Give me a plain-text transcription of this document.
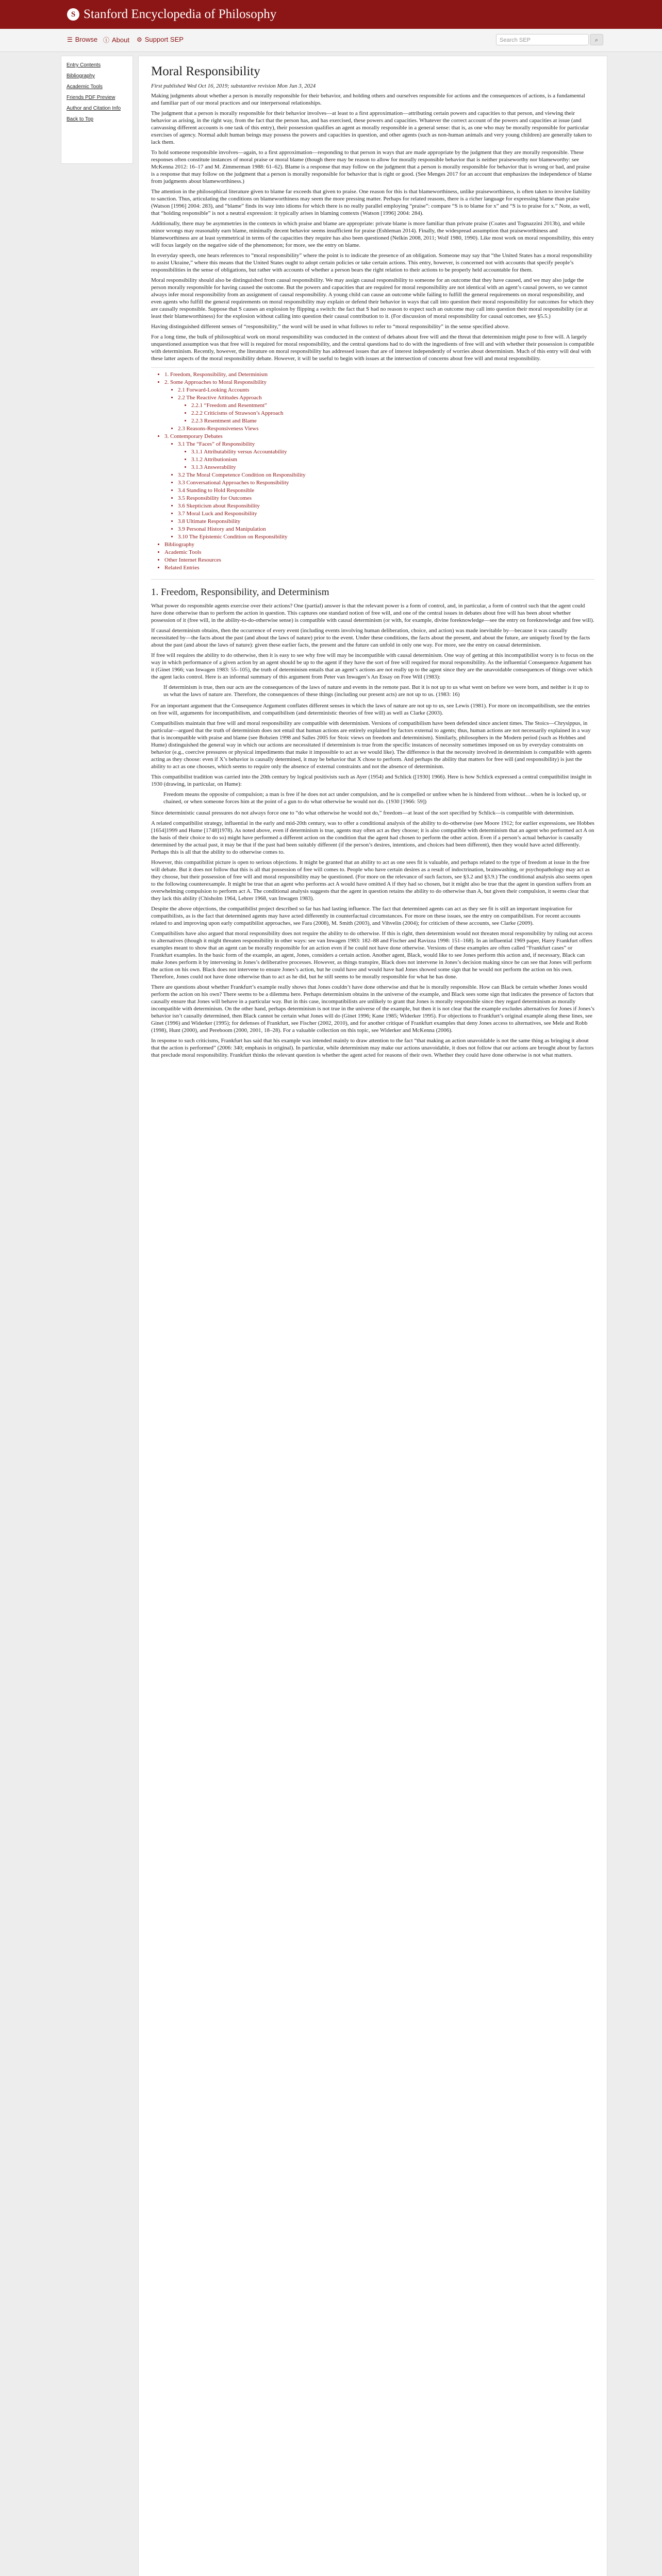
S Stanford Encyclopedia of Philosophy
☰ Browse ⓘ About ⚙ Support SEP	Search SEP	⌕
Entry Contents
Bibliography
Academic Tools
Friends PDF Preview
Author and Citation Info
Back to Top
Moral Responsibility
First published Wed Oct 16, 2019; substantive revision Mon Jun 3, 2024

Making judgments about whether a person is morally responsible for their behavior, and holding others and ourselves responsible for actions and the consequences of actions, is a fundamental and familiar part of our moral practices and our interpersonal relationships.

The judgment that a person is morally responsible for their behavior involves—at least to a first approximation—attributing certain powers and capacities to that person, and viewing their behavior as arising, in the right way, from the fact that the person has, and has exercised, these powers and capacities. Whatever the correct account of the powers and capacities at issue (and canvassing different accounts is one task of this entry), their possession qualifies an agent as morally responsible in a general sense: that is, as one who may be morally responsible for particular exercises of agency. Normal adult human beings may possess the powers and capacities in question, and other agents (such as non-human animals and very young children) are generally taken to lack them.

To hold someone responsible involves—again, to a first approximation—responding to that person in ways that are made appropriate by the judgment that they are morally responsible. These responses often constitute instances of moral praise or moral blame (though there may be reason to allow for morally responsible behavior that is neither praiseworthy nor blameworthy: see McKenna 2012: 16–17 and M. Zimmerman 1988: 61–62). Blame is a response that may follow on the judgment that a person is morally responsible for behavior that is wrong or bad, and praise is a response that may follow on the judgment that a person is morally responsible for behavior that is right or good. (See Menges 2017 for an account that emphasizes the independence of blame from judgments about blameworthiness.)

The attention in the philosophical literature given to blame far exceeds that given to praise. One reason for this is that blameworthiness, unlike praiseworthiness, is often taken to involve liability to sanction. Thus, articulating the conditions on blameworthiness may seem the more pressing matter. Perhaps for related reasons, there is a richer language for expressing blame than praise (Watson [1996] 2004: 283), and “blame” finds its way into idioms for which there is no really parallel employing “praise”: compare “S is to blame for x” and “S is to praise for x.” Note, as well, that “holding responsible” is not a neutral expression: it typically arises in blaming contexts (Watson [1996] 2004: 284).

Additionally, there may be asymmetries in the contexts in which praise and blame are appropriate: private blame is more familiar than private praise (Coates and Tognazzini 2013b), and while minor wrongs may reasonably earn blame, minimally decent behavior seems insufficient for praise (Eshleman 2014). Finally, the widespread assumption that praiseworthiness and blameworthiness are at least symmetrical in terms of the capacities they require has also been questioned (Nelkin 2008, 2011; Wolf 1980, 1990). Like most work on moral responsibility, this entry will focus largely on the negative side of the phenomenon; for more, see the entry on blame.

In everyday speech, one hears references to “moral responsibility” where the point is to indicate the presence of an obligation. Someone may say that “the United States has a moral responsibility to assist Ukraine,” where this means that the United States ought to adopt certain policies or take certain actions. This entry, however, is concerned not with accounts that specify people’s responsibilities in the sense of obligations, but rather with accounts of whether a person bears the right relation to their actions to be properly held accountable for them.

Moral responsibility should also be distinguished from causal responsibility. We may assign causal responsibility to someone for an outcome that they have caused, and we may also judge the person morally responsible for having caused the outcome. But the powers and capacities that are required for moral responsibility are not identical with an agent’s causal powers, so we cannot always infer moral responsibility from an assignment of causal responsibility. A young child can cause an outcome while failing to fulfill the general requirements on moral responsibility, and even agents who fulfill the general requirements on moral responsibility may explain or defend their behavior in ways that call into question their moral responsibility for outcomes for which they are causally responsible. Suppose that S causes an explosion by flipping a switch: the fact that S had no reason to expect such an outcome may call into question their moral responsibility (or at least their blameworthiness) for the explosion without calling into question their causal contribution to it. (For discussion of moral responsibility for causal outcomes, see §5.5.)

Having distinguished different senses of “responsibility,” the word will be used in what follows to refer to “moral responsibility” in the sense specified above.

For a long time, the bulk of philosophical work on moral responsibility was conducted in the context of debates about free will and the threat that determinism might pose to free will. A largely unquestioned assumption was that free will is required for moral responsibility, and the central questions had to do with the ingredients of free will and with whether their possession is compatible with determinism. Recently, however, the literature on moral responsibility has addressed issues that are of interest independently of worries about determinism. Much of this entry will deal with these latter aspects of the moral responsibility debate. However, it will be useful to begin with issues at the intersection of concerns about free will and moral responsibility.

• 1. Freedom, Responsibility, and Determinism
• 2. Some Approaches to Moral Responsibility
• 2.1 Forward-Looking Accounts
• 2.2 The Reactive Attitudes Approach
• 2.2.1 “Freedom and Resentment”
• 2.2.2 Criticisms of Strawson’s Approach
• 2.2.3 Resentment and Blame
• 2.3 Reasons-Responsiveness Views
• 3. Contemporary Debates
• 3.1 The “Faces” of Responsibility
• 3.1.1 Attributability versus Accountability
• 3.1.2 Attributionism
• 3.1.3 Answerability
• 3.2 The Moral Competence Condition on Responsibility
• 3.3 Conversational Approaches to Responsibility
• 3.4 Standing to Hold Responsible
• 3.5 Responsibility for Outcomes
• 3.6 Skepticism about Responsibility
• 3.7 Moral Luck and Responsibility
• 3.8 Ultimate Responsibility
• 3.9 Personal History and Manipulation
• 3.10 The Epistemic Condition on Responsibility
• Bibliography
• Academic Tools
• Other Internet Resources
• Related Entries
1. Freedom, Responsibility, and Determinism

What power do responsible agents exercise over their actions? One (partial) answer is that the relevant power is a form of control, and, in particular, a form of control such that the agent could have done otherwise than to perform the action in question. This captures one standard notion of free will, and one of the central issues in debates about free will has been about whether possession of it (free will, in the ability-to-do-otherwise sense) is compatible with causal determinism (or with, for example, divine foreknowledge—see the entry on foreknowledge and free will).

If causal determinism obtains, then the occurrence of every event (including events involving human deliberation, choice, and action) was made inevitable by—because it was causally necessitated by—the facts about the past (and about the laws of nature) prior to the event. Under these conditions, the facts about the present, and about the future, are uniquely fixed by the facts about the past (and about the laws of nature): given these earlier facts, the present and the future can unfold in only one way. For more, see the entry on causal determinism.

If free will requires the ability to do otherwise, then it is easy to see why free will may be incompatible with causal determinism. One way of getting at this incompatibilist worry is to focus on the way in which performance of a given action by an agent should be up to the agent if they have the sort of free will required for moral responsibility. As the influential Consequence Argument has it (Ginet 1966; van Inwagen 1983: 55–105), the truth of determinism entails that an agent’s actions are not really up to the agent since they are the unavoidable consequences of things over which the agent lacks control. Here is an informal summary of this argument from Peter van Inwagen’s An Essay on Free Will (1983):

If determinism is true, then our acts are the consequences of the laws of nature and events in the remote past. But it is not up to us what went on before we were born, and neither is it up to us what the laws of nature are. Therefore, the consequences of these things (including our present acts) are not up to us. (1983: 16)

For an important argument that the Consequence Argument conflates different senses in which the laws of nature are not up to us, see Lewis (1981). For more on incompatibilism, see the entries on free will, arguments for incompatibilism, and compatibilism (and deterministic theories of free will) as well as Clarke (2003).

Compatibilists maintain that free will and moral responsibility are compatible with determinism. Versions of compatibilism have been defended since ancient times. The Stoics—Chrysippus, in particular—argued that the truth of determinism does not entail that human actions are entirely explained by factors external to agents; thus, human actions are not necessarily explained in a way that is incompatible with praise and blame (see Bobzien 1998 and Salles 2005 for Stoic views on freedom and determinism). Similarly, philosophers in the Modern period (such as Hobbes and Hume) distinguished the general way in which our actions are necessitated if determinism is true from the specific instances of necessity sometimes imposed on us by everyday constraints on behavior (e.g., coercive pressures or physical impediments that make it impossible to act as we would like). The difference is that the necessity involved in determinism is compatible with agents acting as they choose: even if X’s behavior is causally determined, it may be behavior that X chose to perform. And perhaps the ability that matters for free will (and responsibility) is just the ability to act as one chooses, which seems to require only the absence of external constraints and not the absence of determinism.

This compatibilist tradition was carried into the 20th century by logical positivists such as Ayer (1954) and Schlick ([1930] 1966). Here is how Schlick expressed a central compatibilist insight in 1930 (drawing, in particular, on Hume):

Freedom means the opposite of compulsion; a man is free if he does not act under compulsion, and he is compelled or unfree when he is hindered from without…when he is locked up, or chained, or when someone forces him at the point of a gun to do what otherwise he would not do. (1930 [1966: 59])

Since deterministic causal pressures do not always force one to “do what otherwise he would not do,” freedom—at least of the sort specified by Schlick—is compatible with determinism.

A related compatibilist strategy, influential in the early and mid-20th century, was to offer a conditional analysis of the ability to do-otherwise (see Moore 1912; for earlier expressions, see Hobbes [1654]1999 and Hume [1748]1978). As noted above, even if determinism is true, agents may often act as they choose; it is also compatible with determinism that an agent who performed act A on the basis of their choice to do so) might have performed a different action on the condition that the agent had chosen to perform the other action. Even if a person’s actual behavior is causally determined by the actual past, it may be that if the past had been suitably different (if the person’s desires, intentions, and choices had been different), then they would have acted differently. Perhaps this is all that the ability to do otherwise comes to.

However, this compatibilist picture is open to serious objections. It might be granted that an ability to act as one sees fit is valuable, and perhaps related to the type of freedom at issue in the free will debate. But it does not follow that this is all that possession of free will comes to. People who have certain desires as a result of indoctrination, brainwashing, or psychopathology may act as they choose, but their possession of free will and moral responsibility may be questioned. (For more on the relevance of such factors, see §3.2 and §3.9.) The conditional analysis also seems open to the following counterexample. It might be true that an agent who performs act A would have omitted A if they had so chosen, but it might also be true that the agent in question suffers from an overwhelming compulsion to perform act A. The conditional analysis suggests that the agent in question retains the ability to do otherwise than A, but given their compulsion, it seems clear that they lack this ability (Chisholm 1964, Lehrer 1968, van Inwagen 1983).

Despite the above objections, the compatibilist project described so far has had lasting influence. The fact that determined agents can act as they see fit is still an important inspiration for compatibilists, as is the fact that determined agents may have acted differently in counterfactual circumstances. For more on these issues, see the entry on compatibilism. For recent accounts related to and improving upon early compatibilist approaches, see Fara (2008), M. Smith (2003), and Vihvelin (2004); for criticism of these accounts, see Clarke (2009).

Compatibilists have also argued that moral responsibility does not require the ability to do otherwise. If this is right, then determinism would not threaten moral responsibility by ruling out access to alternatives (though it might threaten responsibility in other ways: see van Inwagen 1983: 182–88 and Fischer and Ravizza 1998: 151–168). In an influential 1969 paper, Harry Frankfurt offers examples meant to show that an agent can be morally responsible for an action even if he could not have done otherwise. Versions of these examples are often called “Frankfurt cases” or Frankfurt examples. In the basic form of the example, an agent, Jones, considers a certain action. Another agent, Black, would like to see Jones perform this action and, if necessary, Black can make Jones perform it by intervening in Jones’s deliberative processes. However, as things transpire, Black does not intervene in Jones’s decision making since he can see that Jones will perform the action on his own. Black does not intervene to ensure Jones’s action, but he could have and would have had Jones showed some sign that he would not perform the action on his own. Therefore, Jones could not have done otherwise than to act as he did, but he still seems to be morally responsible for what he has done.

There are questions about whether Frankfurt’s example really shows that Jones couldn’t have done otherwise and that he is morally responsible. How can Black be certain whether Jones would perform the action on his own? There seems to be a dilemma here. Perhaps determinism obtains in the universe of the example, and Black sees some sign that indicates the presence of factors that causally ensure that Jones will behave in a particular way. But in this case, incompatibilists are unlikely to grant that Jones is morally responsible since they regard determinism as morally incompatible with determinism. On the other hand, perhaps determinism is not true in the universe of the example, but then it is not clear that the example excludes alternatives for Jones if Jones’s behavior isn’t causally determined, then Black cannot be certain what Jones will do (Ginet 1996; Kane 1985; Widerker 1995). For objections to Frankfurt’s original example along these lines, see Ginet (1996) and Widerker (1995); for defenses of Frankfurt, see Fischer (2002, 2010), and for another critique of Frankfurt examples that deny Jones access to alternatives, see Mele and Robb (1998), Hunt (2000), and Pereboom (2000, 2001, 18–28). For a valuable collection on this topic, see Widerker and McKenna (2006).

In response to such criticisms, Frankfurt has said that his example was intended mainly to draw attention to the fact “that making an action unavoidable is not the same thing as bringing it about that the action is performed” (2006: 340; emphasis in original). In particular, while determinism may make our actions unavoidable, it does not follow that our actions are brought about by factors that preclude moral responsibility. Frankfurt thinks the relevant question is whether the agent acted for reasons of their own. Whether they could have done otherwise is not what matters.
